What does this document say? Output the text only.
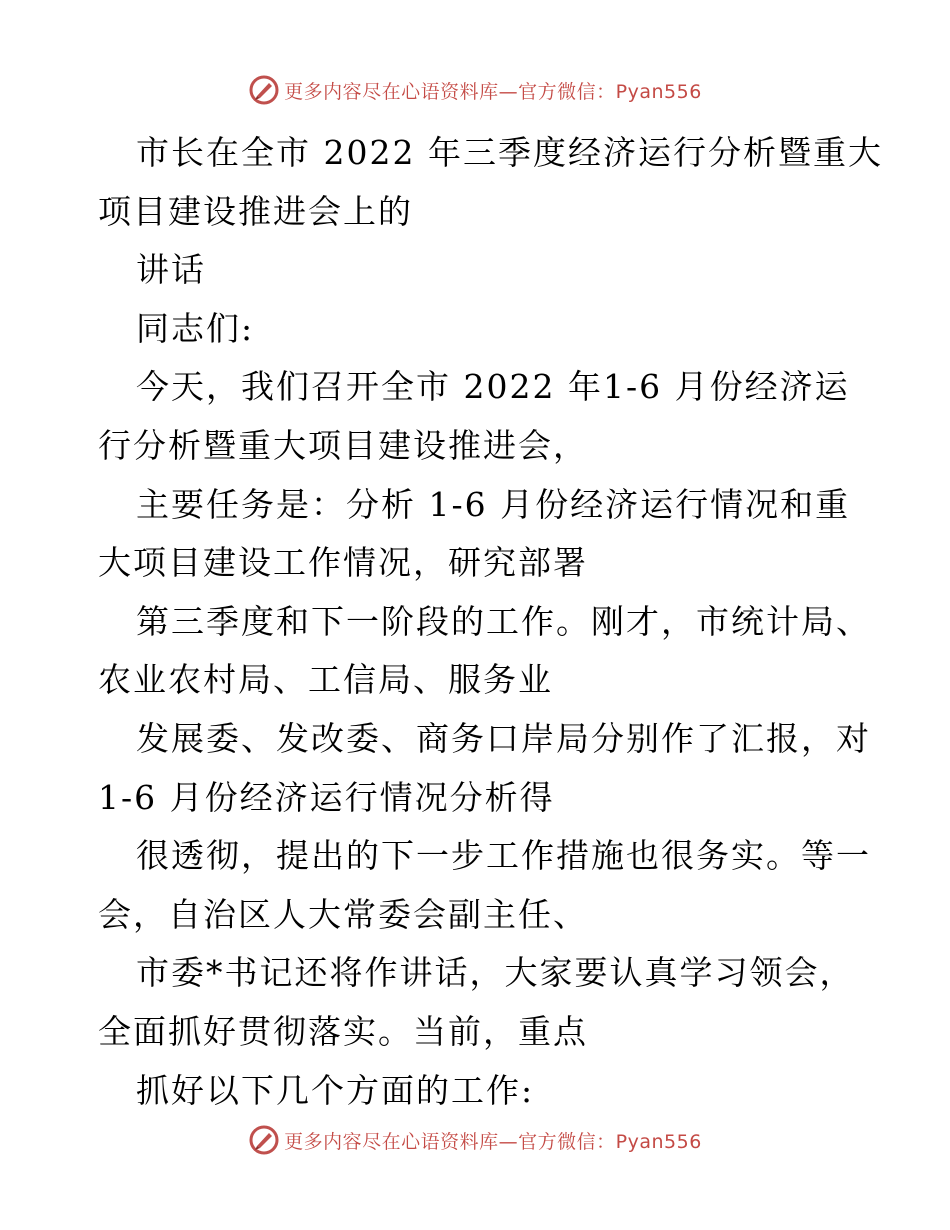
更多内容尽在心语资料库—官方微信：Pyan556
市长在全市 2022 年三季度经济运行分析暨重大
项目建设推进会上的
讲话
同志们:
今天，我们召开全市 2022 年1-6 月份经济运
行分析暨重大项目建设推进会，
主要任务是：分析 1-6 月份经济运行情况和重
大项目建设工作情况，研究部署
第三季度和下一阶段的工作。刚才，市统计局、
农业农村局、工信局、服务业
发展委、发改委、商务口岸局分别作了汇报，对
1-6 月份经济运行情况分析得
很透彻，提出的下一步工作措施也很务实。等一
会，自治区人大常委会副主任、
市委*书记还将作讲话，大家要认真学习领会，
全面抓好贯彻落实。当前，重点
抓好以下几个方面的工作:
更多内容尽在心语资料库—官方微信：Pyan556
